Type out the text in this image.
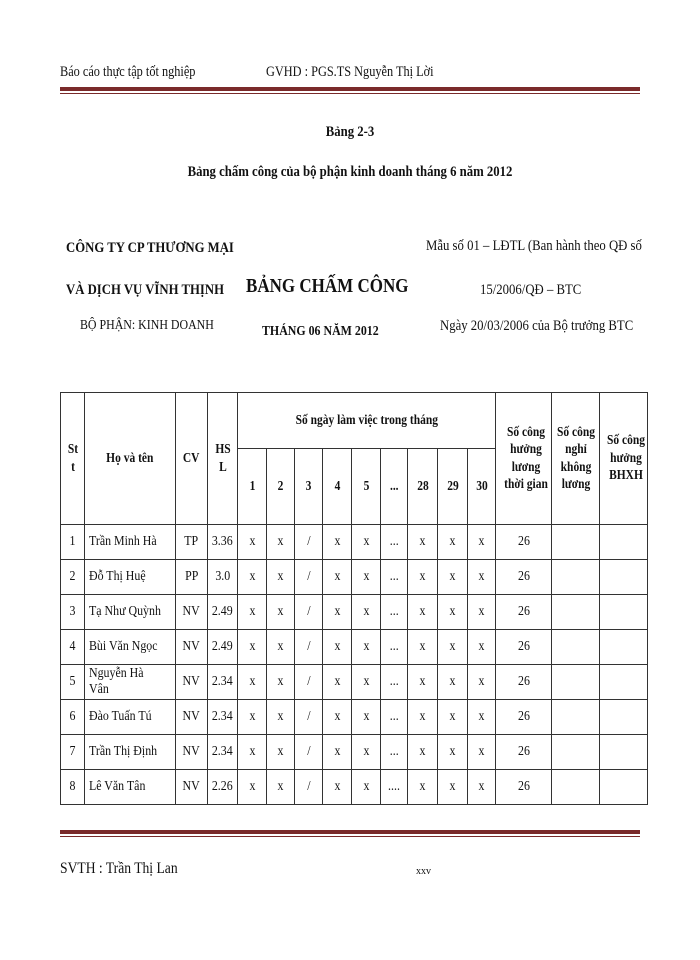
Báo cáo thực tập tốt nghiệp	GVHD : PGS.TS Nguyễn Thị Lời
Bảng 2-3
Bảng chấm công của bộ phận kinh doanh tháng 6 năm 2012
CÔNG TY CP THƯƠNG MẠI
VÀ DỊCH VỤ VĨNH THỊNH
BỘ PHẬN: KINH DOANH
BẢNG CHẤM CÔNG
THÁNG 06 NĂM 2012
Mẫu số 01 – LĐTL (Ban hành theo QĐ số
15/2006/QĐ – BTC
Ngày 20/03/2006 của Bộ trưởng BTC
St t	Họ và tên	CV	HS L	Số ngày làm việc trong tháng									Số công hưởng lương thời gian	Số công nghỉ không lương	Số công hưởng BHXH
				1	2	3	4	5	...	28	29	30			
1	Trần Minh Hà	TP	3.36	x	x	/	x	x	...	x	x	x	26		
2	Đỗ Thị Huệ	PP	3.0	x	x	/	x	x	...	x	x	x	26		
3	Tạ Như Quỳnh	NV	2.49	x	x	/	x	x	...	x	x	x	26		
4	Bùi Văn Ngọc	NV	2.49	x	x	/	x	x	...	x	x	x	26		
5	Nguyễn Hà Vân	NV	2.34	x	x	/	x	x	...	x	x	x	26		
6	Đào Tuấn Tú	NV	2.34	x	x	/	x	x	...	x	x	x	26		
7	Trần Thị Định	NV	2.34	x	x	/	x	x	...	x	x	x	26		
8	Lê Văn Tân	NV	2.26	x	x	/	x	x	....	x	x	x	26		
SVTH : Trần Thị Lan	xxv
